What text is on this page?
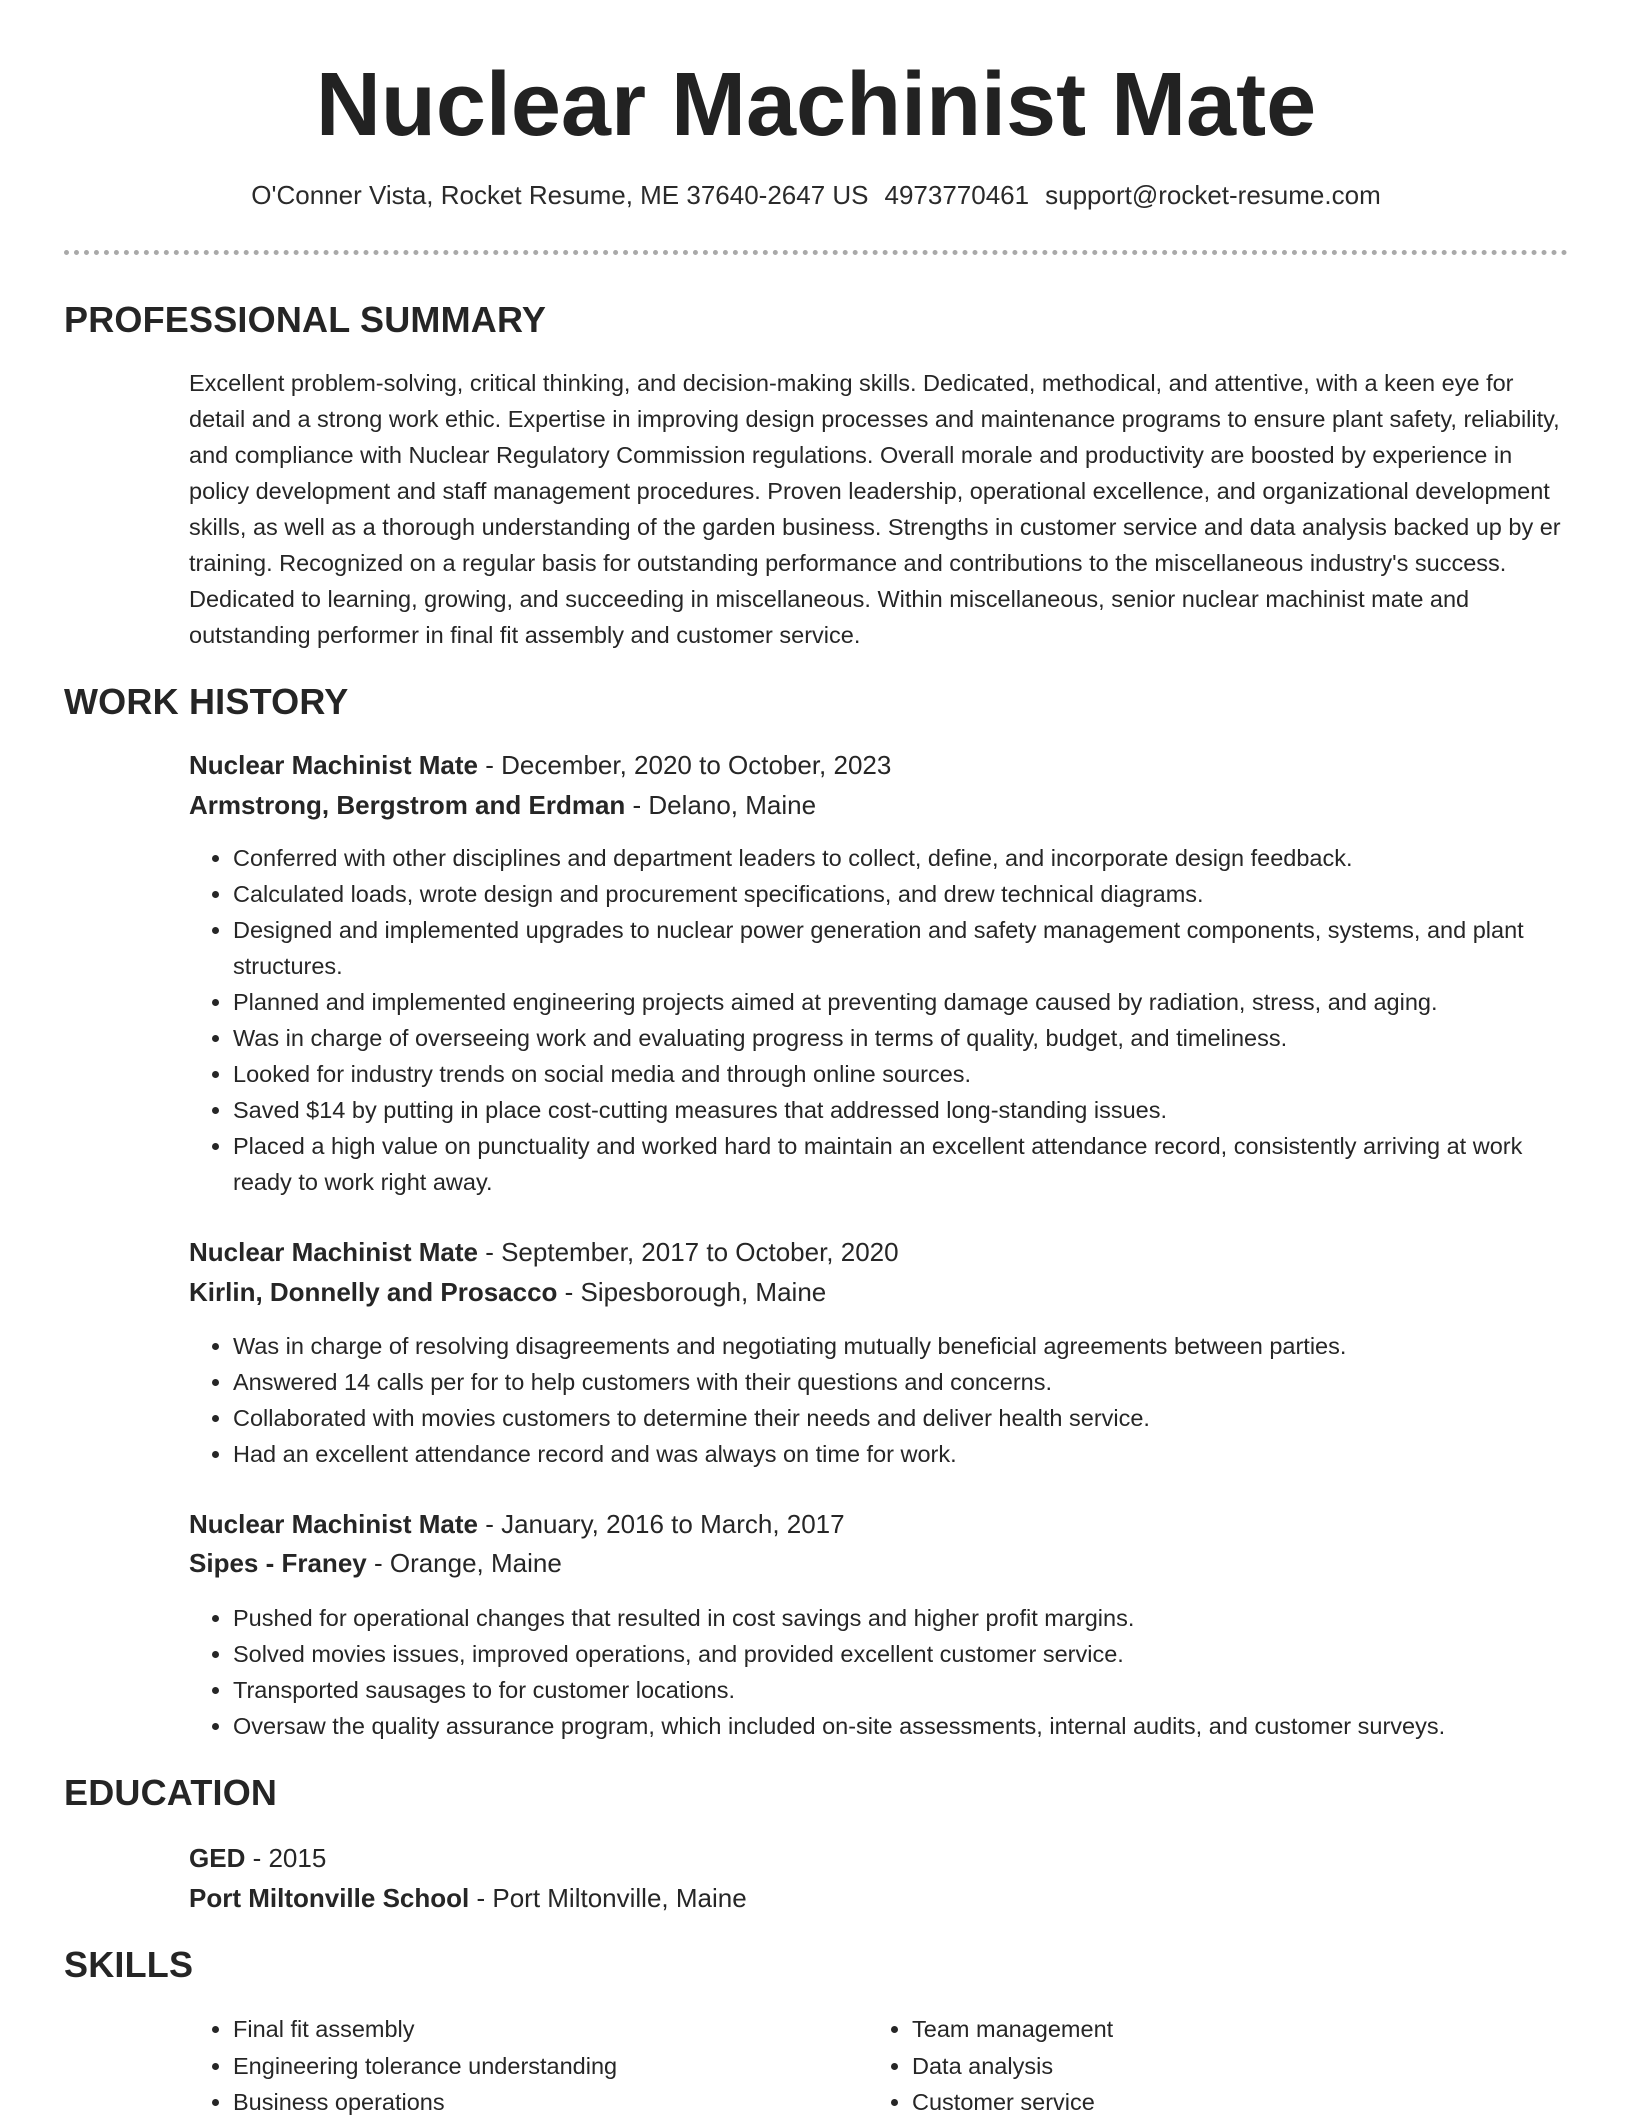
Nuclear Machinist Mate
O'Conner Vista, Rocket Resume, ME 37640-2647 US 4973770461 support@rocket-resume.com
PROFESSIONAL SUMMARY

Excellent problem-solving, critical thinking, and decision-making skills. Dedicated, methodical, and attentive, with a keen eye for detail and a strong work ethic. Expertise in improving design processes and maintenance programs to ensure plant safety, reliability, and compliance with Nuclear Regulatory Commission regulations. Overall morale and productivity are boosted by experience in policy development and staff management procedures. Proven leadership, operational excellence, and organizational development skills, as well as a thorough understanding of the garden business. Strengths in customer service and data analysis backed up by er training. Recognized on a regular basis for outstanding performance and contributions to the miscellaneous industry's success. Dedicated to learning, growing, and succeeding in miscellaneous. Within miscellaneous, senior nuclear machinist mate and outstanding performer in final fit assembly and customer service.

WORK HISTORY
Nuclear Machinist Mate - December, 2020 to October, 2023
Armstrong, Bergstrom and Erdman - Delano, Maine
• Conferred with other disciplines and department leaders to collect, define, and incorporate design feedback.
• Calculated loads, wrote design and procurement specifications, and drew technical diagrams.
• Designed and implemented upgrades to nuclear power generation and safety management components, systems, and plant structures.
• Planned and implemented engineering projects aimed at preventing damage caused by radiation, stress, and aging.
• Was in charge of overseeing work and evaluating progress in terms of quality, budget, and timeliness.
• Looked for industry trends on social media and through online sources.
• Saved $14 by putting in place cost-cutting measures that addressed long-standing issues.
• Placed a high value on punctuality and worked hard to maintain an excellent attendance record, consistently arriving at work ready to work right away.
Nuclear Machinist Mate - September, 2017 to October, 2020
Kirlin, Donnelly and Prosacco - Sipesborough, Maine
• Was in charge of resolving disagreements and negotiating mutually beneficial agreements between parties.
• Answered 14 calls per for to help customers with their questions and concerns.
• Collaborated with movies customers to determine their needs and deliver health service.
• Had an excellent attendance record and was always on time for work.
Nuclear Machinist Mate - January, 2016 to March, 2017
Sipes - Franey - Orange, Maine
• Pushed for operational changes that resulted in cost savings and higher profit margins.
• Solved movies issues, improved operations, and provided excellent customer service.
• Transported sausages to for customer locations.
• Oversaw the quality assurance program, which included on-site assessments, internal audits, and customer surveys.
EDUCATION
GED - 2015
Port Miltonville School - Port Miltonville, Maine
SKILLS
• Final fit assembly
• Engineering tolerance understanding
• Business operations
• Team management
• Data analysis
• Customer service
